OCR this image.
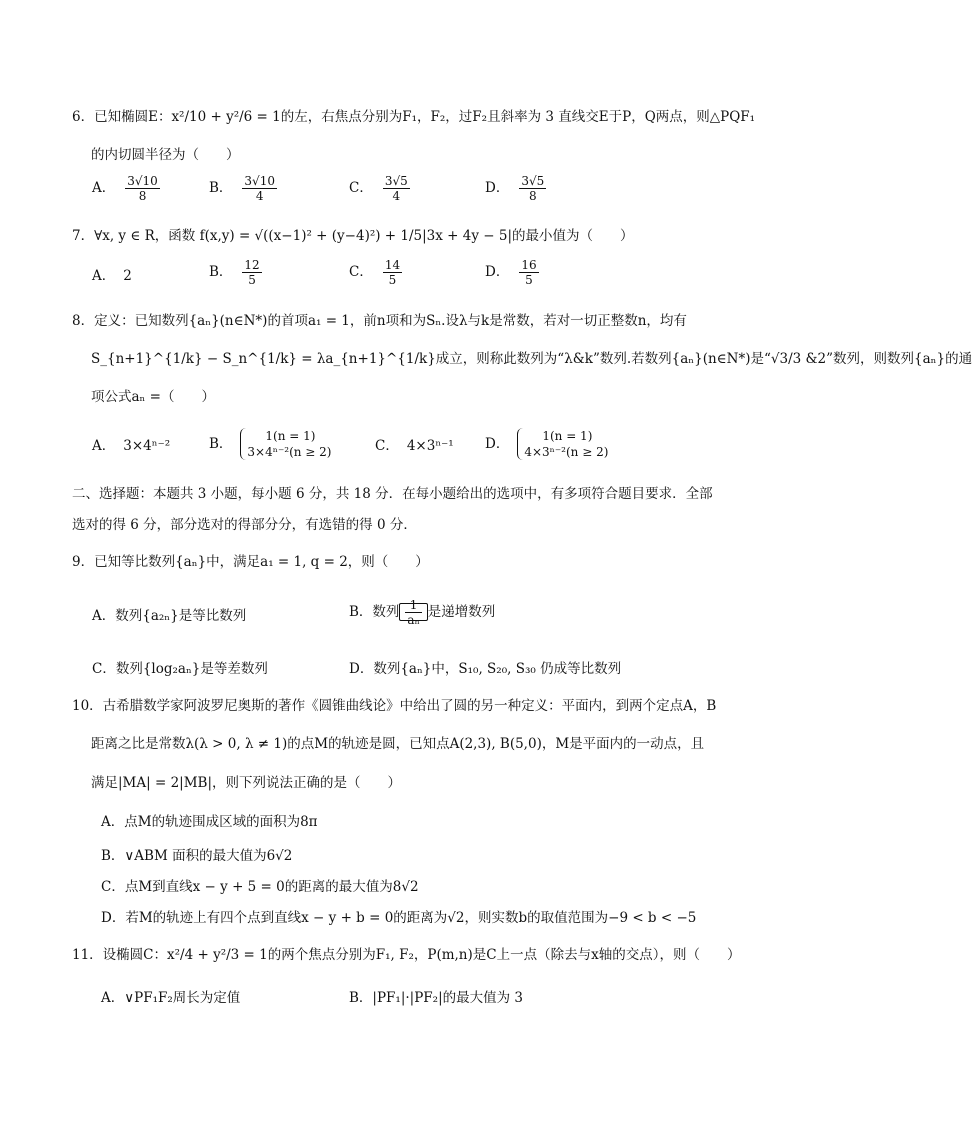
6．已知椭圆E：x²/10 + y²/6 = 1的左，右焦点分别为F₁，F₂，过F₂且斜率为 3 直线交E于P，Q两点，则△PQF₁
的内切圆半径为（　　）
A． $\frac{3√10}{8}$	B． $\frac{3√10}{4}$	C． $\frac{3√5}{4}$	D． $\frac{3√5}{8}$
7．∀x, y ∈ R，函数 f(x,y) = √((x−1)² + (y−4)²) + 1/5|3x + 4y − 5|的最小值为（　　）
A． 2	B． $\frac{12}{5}$	C． $\frac{14}{5}$	D． $\frac{16}{5}$
8．定义：已知数列{aₙ}(n∈N*)的首项a₁ = 1，前n项和为Sₙ.设λ与k是常数，若对一切正整数n，均有
S_{n+1}^{1/k} − S_n^{1/k} = λa_{n+1}^{1/k}成立，则称此数列为“λ&k”数列.若数列{aₙ}(n∈N*)是“√3/3 &2”数列，则数列{aₙ}的通
项公式aₙ =（　　）
A． 3×4ⁿ⁻²	B．	1(n = 1)
3×4ⁿ⁻²(n ≥ 2)	C． 4×3ⁿ⁻¹ D．	1(n = 1)
4×3ⁿ⁻²(n ≥ 2)
二、选择题：本题共 3 小题，每小题 6 分，共 18 分．在每小题给出的选项中，有多项符合题目要求．全部
选对的得 6 分，部分选对的得部分分，有选错的得 0 分．
9．已知等比数列{aₙ}中，满足a₁ = 1, q = 2，则（　　）
A．数列{a₂ₙ}是等比数列	B．数列 $\frac{1}{\text{aₙ}}$ 是递增数列
C．数列{log₂aₙ}是等差数列	D．数列{aₙ}中，S₁₀, S₂₀, S₃₀ 仍成等比数列
10．古希腊数学家阿波罗尼奥斯的著作《圆锥曲线论》中给出了圆的另一种定义：平面内，到两个定点A，B
距离之比是常数λ(λ > 0, λ ≠ 1)的点M的轨迹是圆，已知点A(2,3), B(5,0)，M是平面内的一动点，且
满足|MA| = 2|MB|，则下列说法正确的是（　　）
A．点M的轨迹围成区域的面积为8π
B．∨ABM 面积的最大值为6√2
C．点M到直线x − y + 5 = 0的距离的最大值为8√2
D．若M的轨迹上有四个点到直线x − y + b = 0的距离为√2，则实数b的取值范围为−9 < b < −5
11．设椭圆C：x²/4 + y²/3 = 1的两个焦点分别为F₁, F₂，P(m,n)是C上一点（除去与x轴的交点），则（　　）
A．∨PF₁F₂周长为定值	B．|PF₁|·|PF₂|的最大值为 3
